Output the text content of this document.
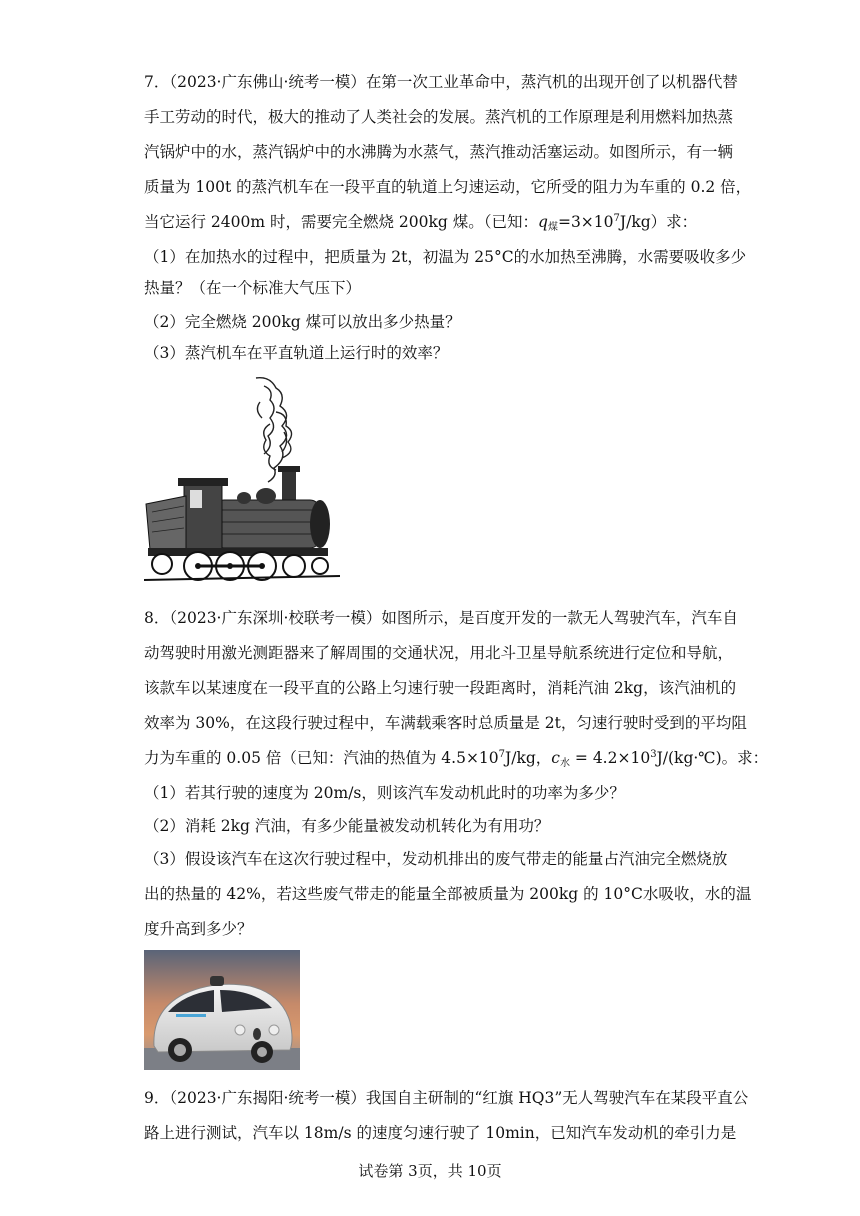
7．（2023·广东佛山·统考一模）在第一次工业革命中，蒸汽机的出现开创了以机器代替
手工劳动的时代，极大的推动了人类社会的发展。蒸汽机的工作原理是利用燃料加热蒸
汽锅炉中的水，蒸汽锅炉中的水沸腾为水蒸气，蒸汽推动活塞运动。如图所示，有一辆
质量为 100t 的蒸汽机车在一段平直的轨道上匀速运动，它所受的阻力为车重的 0.2 倍，
当它运行 2400m 时，需要完全燃烧 200kg 煤。（已知：$q_煤=3\times 10^7J/kg$）求：
（1）在加热水的过程中，把质量为 2t，初温为 25°C的水加热至沸腾，水需要吸收多少
热量？（在一个标准大气压下）
（2）完全燃烧 200kg 煤可以放出多少热量？
（3）蒸汽机车在平直轨道上运行时的效率？
8．（2023·广东深圳·校联考一模）如图所示，是百度开发的一款无人驾驶汽车，汽车自
动驾驶时用激光测距器来了解周围的交通状况，用北斗卫星导航系统进行定位和导航，
该款车以某速度在一段平直的公路上匀速行驶一段距离时，消耗汽油 2kg，该汽油机的
效率为 30%，在这段行驶过程中，车满载乘客时总质量是 2t，匀速行驶时受到的平均阻
力为车重的 0.05 倍（已知：汽油的热值为 $4.5\times 10^7J/kg$，$c_水$ = $4.2\times 10^3J/(kg\cdot℃)$。求：
（1）若其行驶的速度为 20m/s，则该汽车发动机此时的功率为多少？
（2）消耗 2kg 汽油，有多少能量被发动机转化为有用功？
（3）假设该汽车在这次行驶过程中，发动机排出的废气带走的能量占汽油完全燃烧放
出的热量的 42%，若这些废气带走的能量全部被质量为 200kg 的 10°C水吸收，水的温
度升高到多少？
9．（2023·广东揭阳·统考一模）我国自主研制的“红旗 HQ3”无人驾驶汽车在某段平直公
路上进行测试，汽车以 18m/s 的速度匀速行驶了 10min，已知汽车发动机的牵引力是
试卷第 3页，共 10页
